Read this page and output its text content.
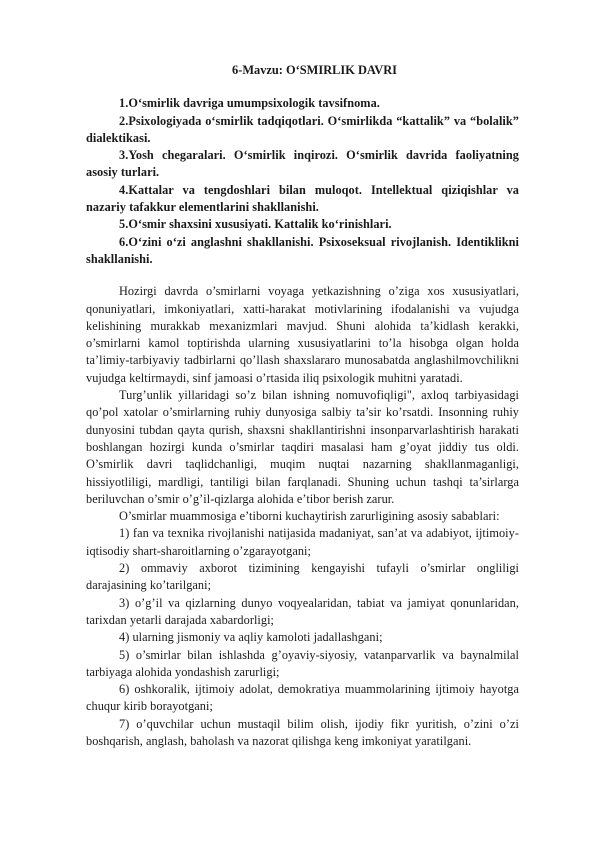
6-Mavzu: O‘SMIRLIK DAVRI

1.O‘smirlik davriga umumpsixologik tavsifnoma.

2.Psixologiyada o‘smirlik tadqiqotlari. O‘smirlikda “kattalik” va “bolalik” dialektikasi.

3.Yosh chegaralari. O‘smirlik inqirozi. O‘smirlik davrida faoliyatning asosiy turlari.

4.Kattalar va tengdoshlari bilan muloqot. Intellektual qiziqishlar va nazariy tafakkur elementlarini shakllanishi.

5.O‘smir shaxsini xususiyati. Kattalik ko‘rinishlari.

6.O‘zini o‘zi anglashni shakllanishi. Psixoseksual rivojlanish. Identiklikni shakllanishi.

Hozirgi davrda o’smirlarni voyaga yetkazishning o’ziga xos xususiyatlari, qonuniyatlari, imkoniyatlari, xatti-harakat motivlarining ifodalanishi va vujudga kelishining murakkab mexanizmlari mavjud. Shuni alohida ta’kidlash kerakki, o’smirlarni kamol toptirishda ularning xususiyatlarini to’la hisobga olgan holda ta’limiy-tarbiyaviy tadbirlarni qo’llash shaxslararo munosabatda anglashilmovchilikni vujudga keltirmaydi, sinf jamoasi o’rtasida iliq psixologik muhitni yaratadi.

Turg’unlik yillaridagi so’z bilan ishning nomuvofiqligi", axloq tarbiyasidagi qo’pol xatolar o’smirlarning ruhiy dunyosiga salbiy ta’sir ko’rsatdi. Insonning ruhiy dunyosini tubdan qayta qurish, shaxsni shakllantirishni insonparvarlashtirish harakati boshlangan hozirgi kunda o’smirlar taqdiri masalasi ham g’oyat jiddiy tus oldi. O’smirlik davri taqlidchanligi, muqim nuqtai nazarning shakllanmaganligi, hissiyotliligi, mardligi, tantiligi bilan farqlanadi. Shuning uchun tashqi ta’sirlarga beriluvchan o’smir o’g’il-qizlarga alohida e’tibor berish zarur.

O’smirlar muammosiga e’tiborni kuchaytirish zarurligining asosiy sabablari:

1) fan va texnika rivojlanishi natijasida madaniyat, san’at va adabiyot, ijtimoiy-iqtisodiy shart-sharoitlarning o’zgarayotgani;

2) ommaviy axborot tizimining kengayishi tufayli o’smirlar ongliligi darajasining ko’tarilgani;

3) o’g’il va qizlarning dunyo voqyealaridan, tabiat va jamiyat qonunlaridan, tarixdan yetarli darajada xabardorligi;

4) ularning jismoniy va aqliy kamoloti jadallashgani;

5) o’smirlar bilan ishlashda g’oyaviy-siyosiy, vatanparvarlik va baynalmilal tarbiyaga alohida yondashish zarurligi;

6) oshkoralik, ijtimoiy adolat, demokratiya muammolarining ijtimoiy hayotga chuqur kirib borayotgani;

7) o’quvchilar uchun mustaqil bilim olish, ijodiy fikr yuritish, o’zini o’zi boshqarish, anglash, baholash va nazorat qilishga keng imkoniyat yaratilgani.
